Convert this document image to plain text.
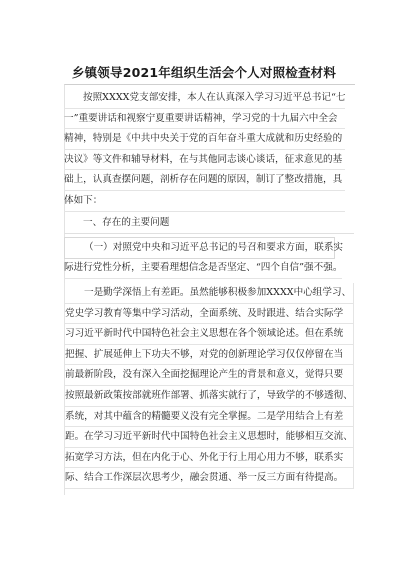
乡镇领导2021年组织生活会个人对照检查材料
按照XXXX党支部安排，本人在认真深入学习习近平总书记“七
一”重要讲话和视察宁夏重要讲话精神，学习党的十九届六中全会
精神，特别是《中共中央关于党的百年奋斗重大成就和历史经验的
决议》等文件和辅导材料，在与其他同志谈心谈话，征求意见的基
础上，认真查摆问题，剖析存在问题的原因，制订了整改措施，具
体如下：
一、存在的主要问题
（一）对照党中央和习近平总书记的号召和要求方面，联系实
际进行党性分析，主要看理想信念是否坚定、“四个自信”强不强。
一是勤学深悟上有差距。虽然能够积极参加XXXX中心组学习、
党史学习教育等集中学习活动，全面系统、及时跟进、结合实际学
习习近平新时代中国特色社会主义思想在各个领域论述。但在系统
把握、扩展延伸上下功夫不够，对党的创新理论学习仅仅停留在当
前最新阶段，没有深入全面挖掘理论产生的背景和意义，觉得只要
按照最新政策按部就班作部署、抓落实就行了，导致学的不够透彻、
系统，对其中蕴含的精髓要义没有完全掌握。二是学用结合上有差
距。在学习习近平新时代中国特色社会主义思想时，能够相互交流、
拓宽学习方法，但在内化于心、外化于行上用心用力不够，联系实
际、结合工作深层次思考少，融会贯通、举一反三方面有待提高。
